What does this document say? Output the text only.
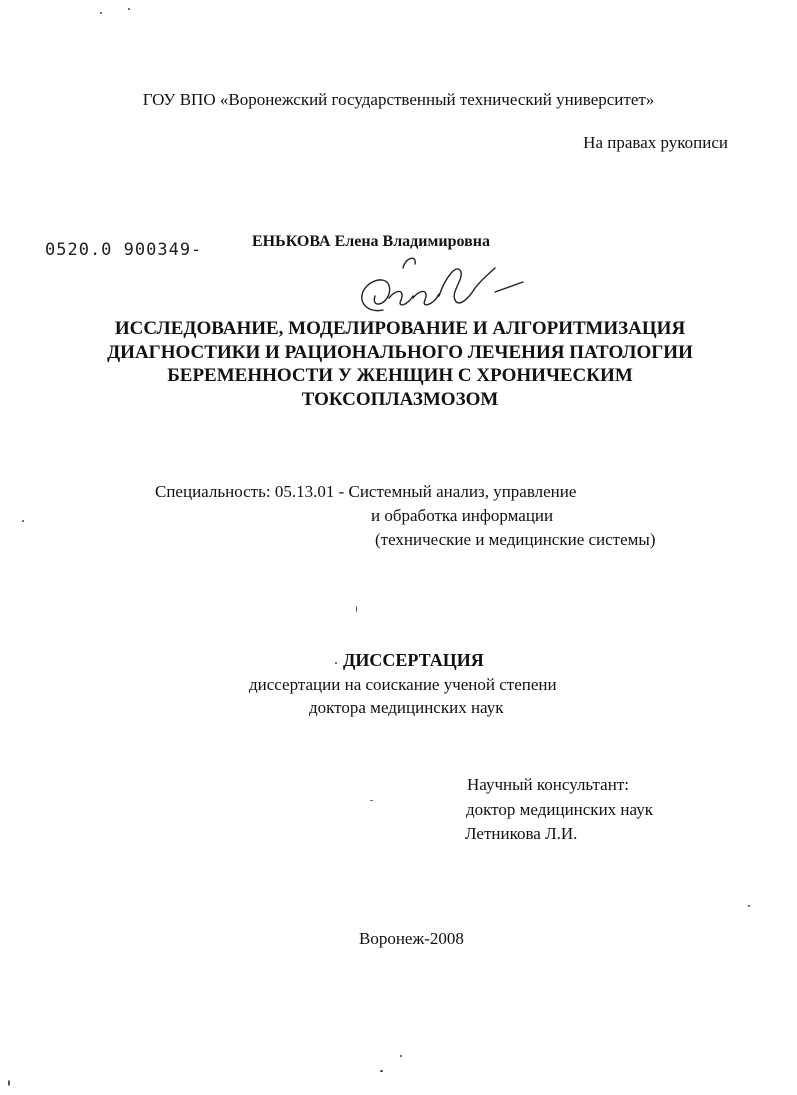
ГОУ ВПО «Воронежский государственный технический университет»
На правах рукописи
0520.0 900349-	ЕНЬКОВА Елена Владимировна
ИССЛЕДОВАНИЕ, МОДЕЛИРОВАНИЕ И АЛГОРИТМИЗАЦИЯ
ДИАГНОСТИКИ И РАЦИОНАЛЬНОГО ЛЕЧЕНИЯ ПАТОЛОГИИ
БЕРЕМЕННОСТИ У ЖЕНЩИН С ХРОНИЧЕСКИМ
ТОКСОПЛАЗМОЗОМ
Специальность: 05.13.01 - Системный анализ, управление
и обработка информации
(технические и медицинские системы)
ДИССЕРТАЦИЯ
диссертации на соискание ученой степени
доктора медицинских наук
Научный консультант:
доктор медицинских наук
Летникова Л.И.
Воронеж-2008
